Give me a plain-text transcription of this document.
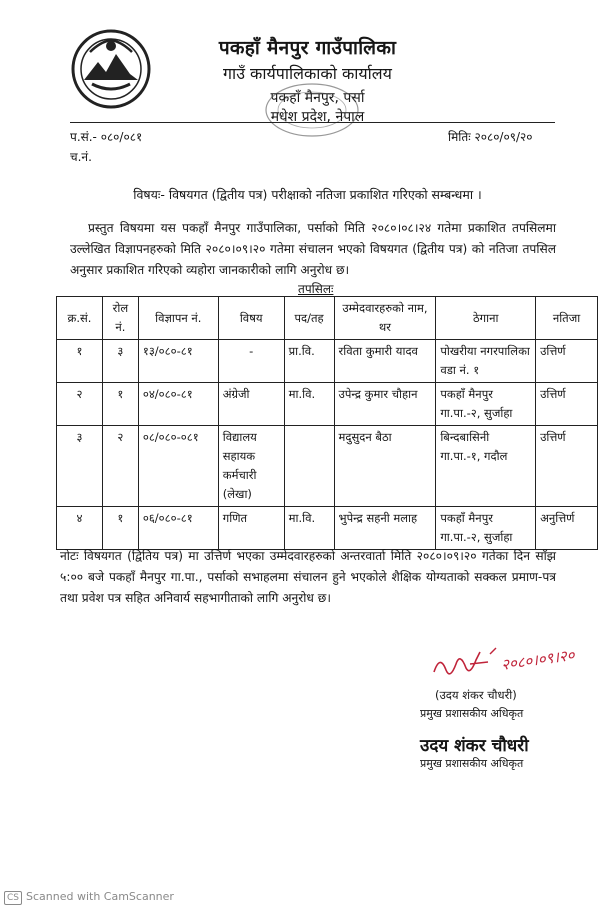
पकहाँ मैनपुर गाउँपालिका
गाउँ कार्यपालिकाको कार्यालय
पकहाँ मैनपुर, पर्सा
मधेश प्रदेश, नेपाल
प.सं.- ०८०/०८१
च.नं.
मितिः २०८०/०९/२०
विषयः- विषयगत (द्वितीय पत्र) परीक्षाको नतिजा प्रकाशित गरिएको सम्बन्धमा ।
प्रस्तुत विषयमा यस पकहाँ मैनपुर गाउँपालिका, पर्साको मिति २०८०।०८।२४ गतेमा प्रकाशित तपसिलमा उल्लेखित विज्ञापनहरुको मिति २०८०।०९।२० गतेमा संचालन भएको विषयगत (द्वितीय पत्र) को नतिजा तपसिल अनुसार प्रकाशित गरिएको व्यहोरा जानकारीको लागि अनुरोध छ।
तपसिलः
क्र.सं.	रोल नं.	विज्ञापन नं.	विषय	पद/तह	उम्मेदवारहरुको नाम, थर	ठेगाना	नतिजा
१	३	१३/०८०-८१	-	प्रा.वि.	रविता कुमारी यादव	पोखरीया नगरपालिका वडा नं. १	उत्तिर्ण
२	१	०४/०८०-८१	अंग्रेजी	मा.वि.	उपेन्द्र कुमार चौहान	पकहाँ मैनपुर गा.पा.-२, सुर्जाहा	उत्तिर्ण
३	२	०८/०८०-०८१	विद्यालय सहायक कर्मचारी (लेखा)		मदुसुदन बैठा	बिन्दबासिनी गा.पा.-१, गदौल	उत्तिर्ण
४	१	०६/०८०-८१	गणित	मा.वि.	भुपेन्द्र सहनी मलाह	पकहाँ मैनपुर गा.पा.-२, सुर्जाहा	अनुत्तिर्ण
नोटः विषयगत (द्वितिय पत्र) मा उत्तिर्ण भएका उम्मेदवारहरुको अन्तरवार्ता मिति २०८०।०९।२० गतेका दिन साँझ ५:०० बजे पकहाँ मैनपुर गा.पा., पर्साको सभाहलमा संचालन हुने भएकोले शैक्षिक योग्यताको सक्कल प्रमाण-पत्र तथा प्रवेश पत्र सहित अनिवार्य सहभागीताको लागि अनुरोध छ।
२०८०।०९।२०
(उदय शंकर चौधरी)
प्रमुख प्रशासकीय अधिकृत
उदय शंकर चौधरी
प्रमुख प्रशासकीय अधिकृत
CS Scanned with CamScanner
